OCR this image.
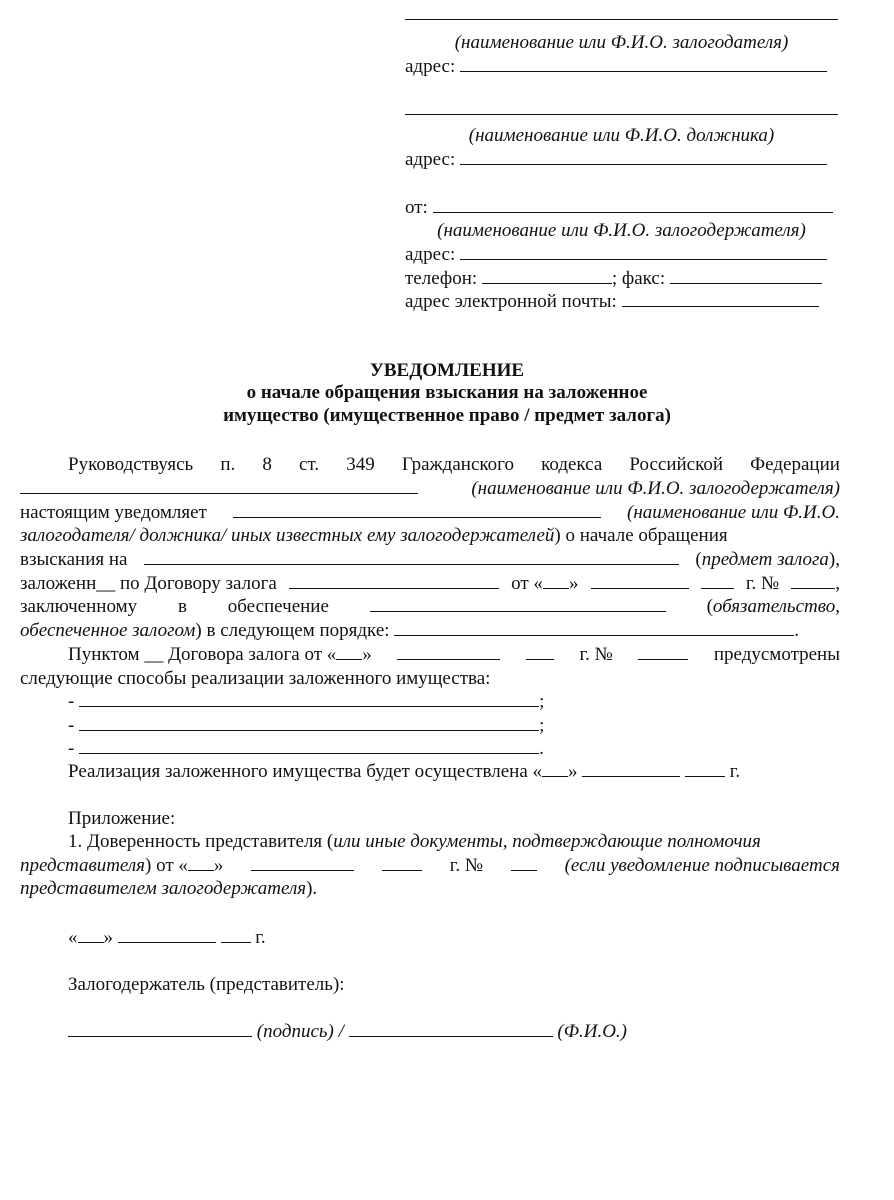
(наименование или Ф.И.О. залогодателя)
адрес:
(наименование или Ф.И.О. должника)
адрес:
от:
(наименование или Ф.И.О. залогодержателя)
адрес:
телефон:	; факс:
адрес электронной почты:
УВЕДОМЛЕНИЕ
о начале обращения взыскания на заложенное
имущество (имущественное право / предмет залога)
Руководствуясь п. 8 ст. 349 Гражданского кодекса Российской Федерации
(наименование или Ф.И.О. залогодержателя)
настоящим уведомляет	(наименование или Ф.И.О.
залогодателя/ должника/ иных известных ему залогодержателей) о начале обращения
взыскания на	(предмет залога),
заложенн__ по Договору залога	от « »	г. №	,
заключенному в обеспечение	(обязательство,
обеспеченное залогом) в следующем порядке:	.
Пунктом __ Договора залога от « »	г. №	предусмотрены
следующие способы реализации заложенного имущества:
-	;
-	;
-	.
Реализация заложенного имущества будет осуществлена « »	г.
Приложение:
1. Доверенность представителя (или иные документы, подтверждающие полномочия
представителя) от « »	г. №	(если уведомление подписывается
представителем залогодержателя).
« »	г.
Залогодержатель (представитель):
(подпись) /	(Ф.И.О.)
